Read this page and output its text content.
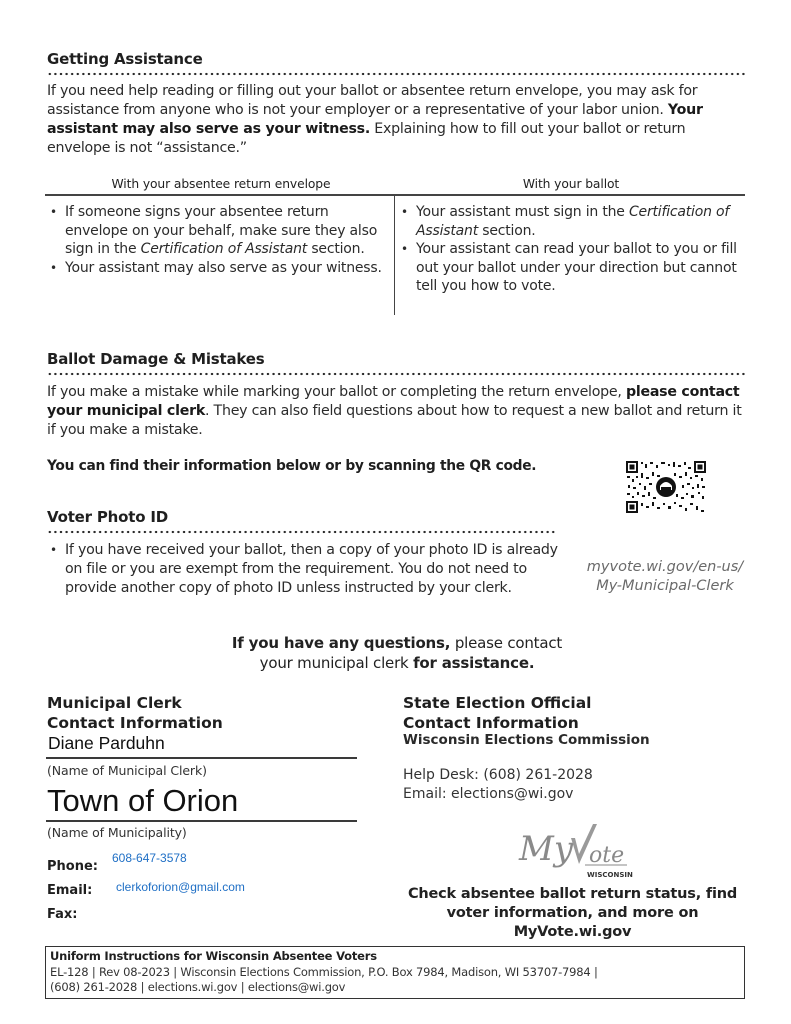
Getting Assistance
If you need help reading or filling out your ballot or absentee return envelope, you may ask for assistance from anyone who is not your employer or a representative of your labor union. Your assistant may also serve as your witness. Explaining how to fill out your ballot or return envelope is not “assistance.”
With your absentee return envelope	With your ballot
• If someone signs your absentee return envelope on your behalf, make sure they also sign in the Certification of Assistant section.
• Your assistant may also serve as your witness.
• Your assistant must sign in the Certification of Assistant section.
• Your assistant can read your ballot to you or fill out your ballot under your direction but cannot tell you how to vote.
Ballot Damage & Mistakes
If you make a mistake while marking your ballot or completing the return envelope, please contact your municipal clerk. They can also field questions about how to request a new ballot and return it if you make a mistake.
You can find their information below or by scanning the QR code.
myvote.wi.gov/en-us/
My-Municipal-Clerk
Voter Photo ID
• If you have received your ballot, then a copy of your photo ID is already on file or you are exempt from the requirement. You do not need to provide another copy of photo ID unless instructed by your clerk.
If you have any questions, please contact
your municipal clerk for assistance.
Municipal Clerk
Contact Information
Diane Parduhn
(Name of Municipal Clerk)
Town of Orion
(Name of Municipality)
Phone:
608-647-3578
Email: clerkoforion@gmail.com
Fax:
State Election Official
Contact Information
Wisconsin Elections Commission
Help Desk: (608) 261-2028
Email: elections@wi.gov
My ote
WISCONSIN
Check absentee ballot return status, find
voter information, and more on
MyVote.wi.gov
Uniform Instructions for Wisconsin Absentee Voters
EL-128 | Rev 08-2023 | Wisconsin Elections Commission, P.O. Box 7984, Madison, WI 53707-7984 |
(608) 261-2028 | elections.wi.gov | elections@wi.gov
